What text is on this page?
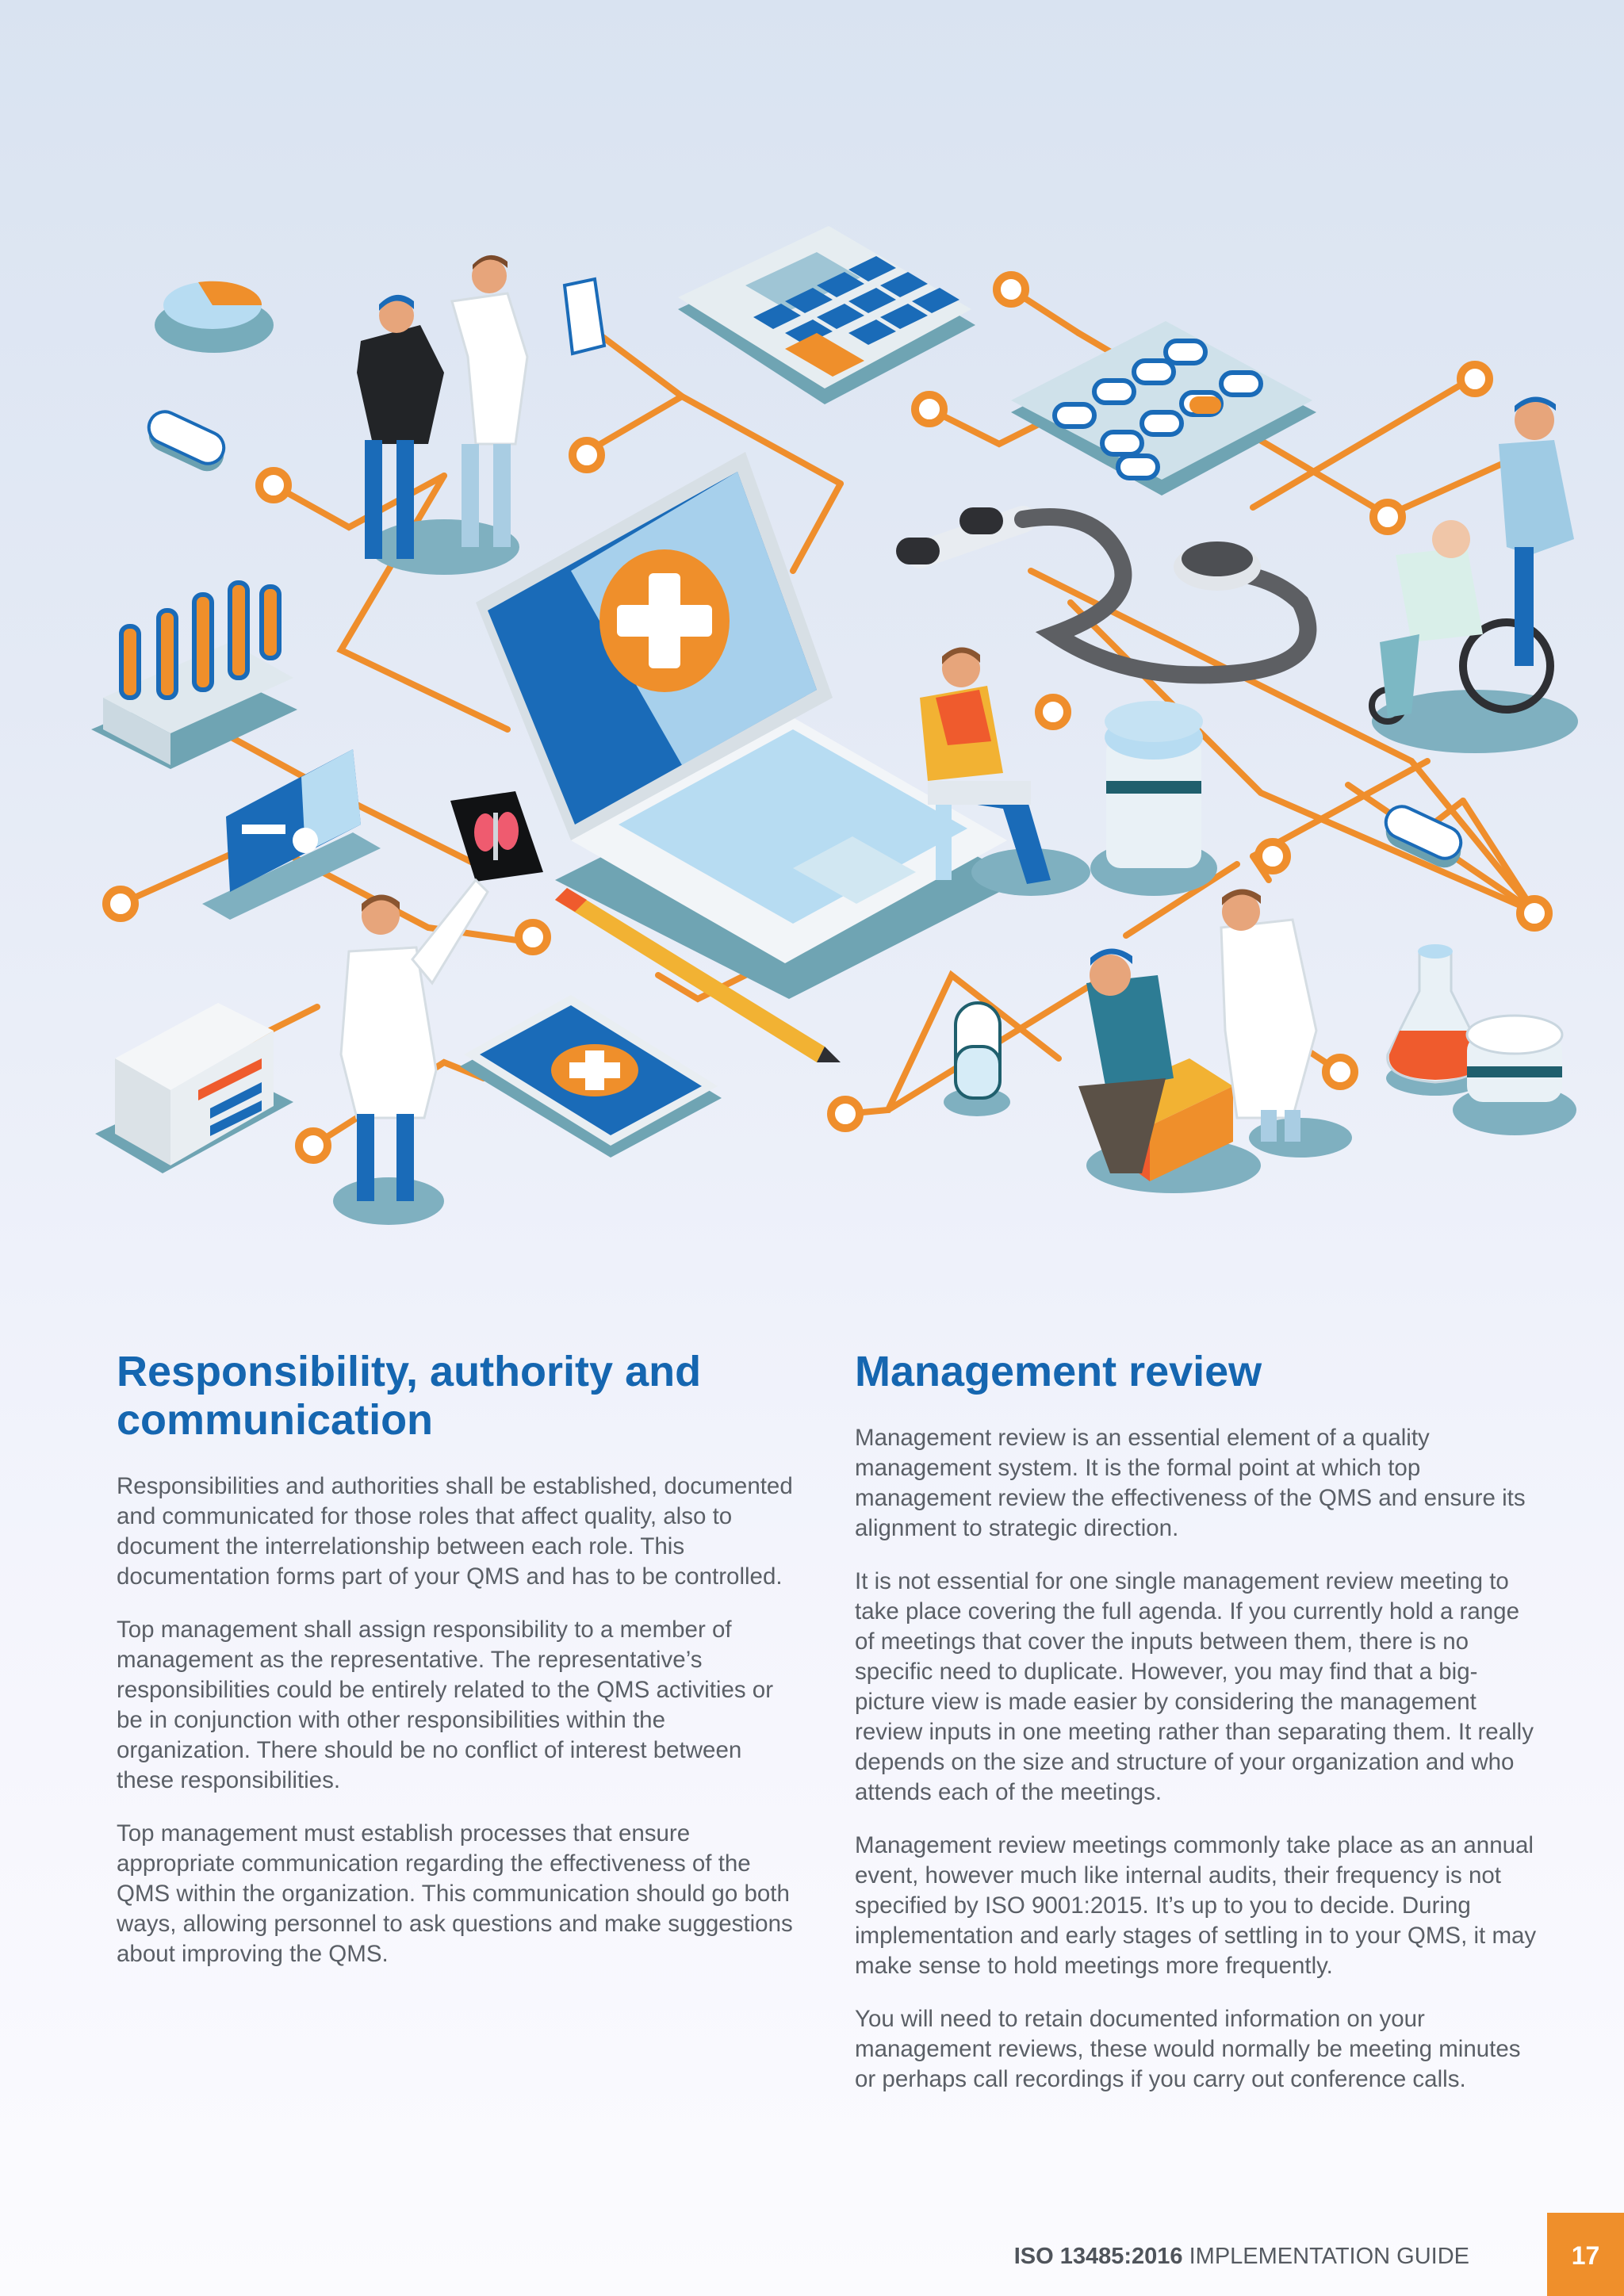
Responsibility, authority and communication

Responsibilities and authorities shall be established, documented and communicated for those roles that affect quality, also to document the interrelationship between each role. This documentation forms part of your QMS and has to be controlled.

Top management shall assign responsibility to a member of management as the representative. The representative’s responsibilities could be entirely related to the QMS activities or be in conjunction with other responsibilities within the organization. There should be no conflict of interest between these responsibilities.

Top management must establish processes that ensure appropriate communication regarding the effectiveness of the QMS within the organization. This communication should go both ways, allowing personnel to ask questions and make suggestions about improving the QMS.

Management review

Management review is an essential element of a quality management system. It is the formal point at which top management review the effectiveness of the QMS and ensure its alignment to strategic direction.

It is not essential for one single management review meeting to take place covering the full agenda. If you currently hold a range of meetings that cover the inputs between them, there is no specific need to duplicate. However, you may find that a big-picture view is made easier by considering the management review inputs in one meeting rather than separating them. It really depends on the size and structure of your organization and who attends each of the meetings.

Management review meetings commonly take place as an annual event, however much like internal audits, their frequency is not specified by ISO 9001:2015. It’s up to you to decide. During implementation and early stages of settling in to your QMS, it may make sense to hold meetings more frequently.

You will need to retain documented information on your management reviews, these would normally be meeting minutes or perhaps call recordings if you carry out conference calls.

ISO 13485:2016 IMPLEMENTATION GUIDE	17
